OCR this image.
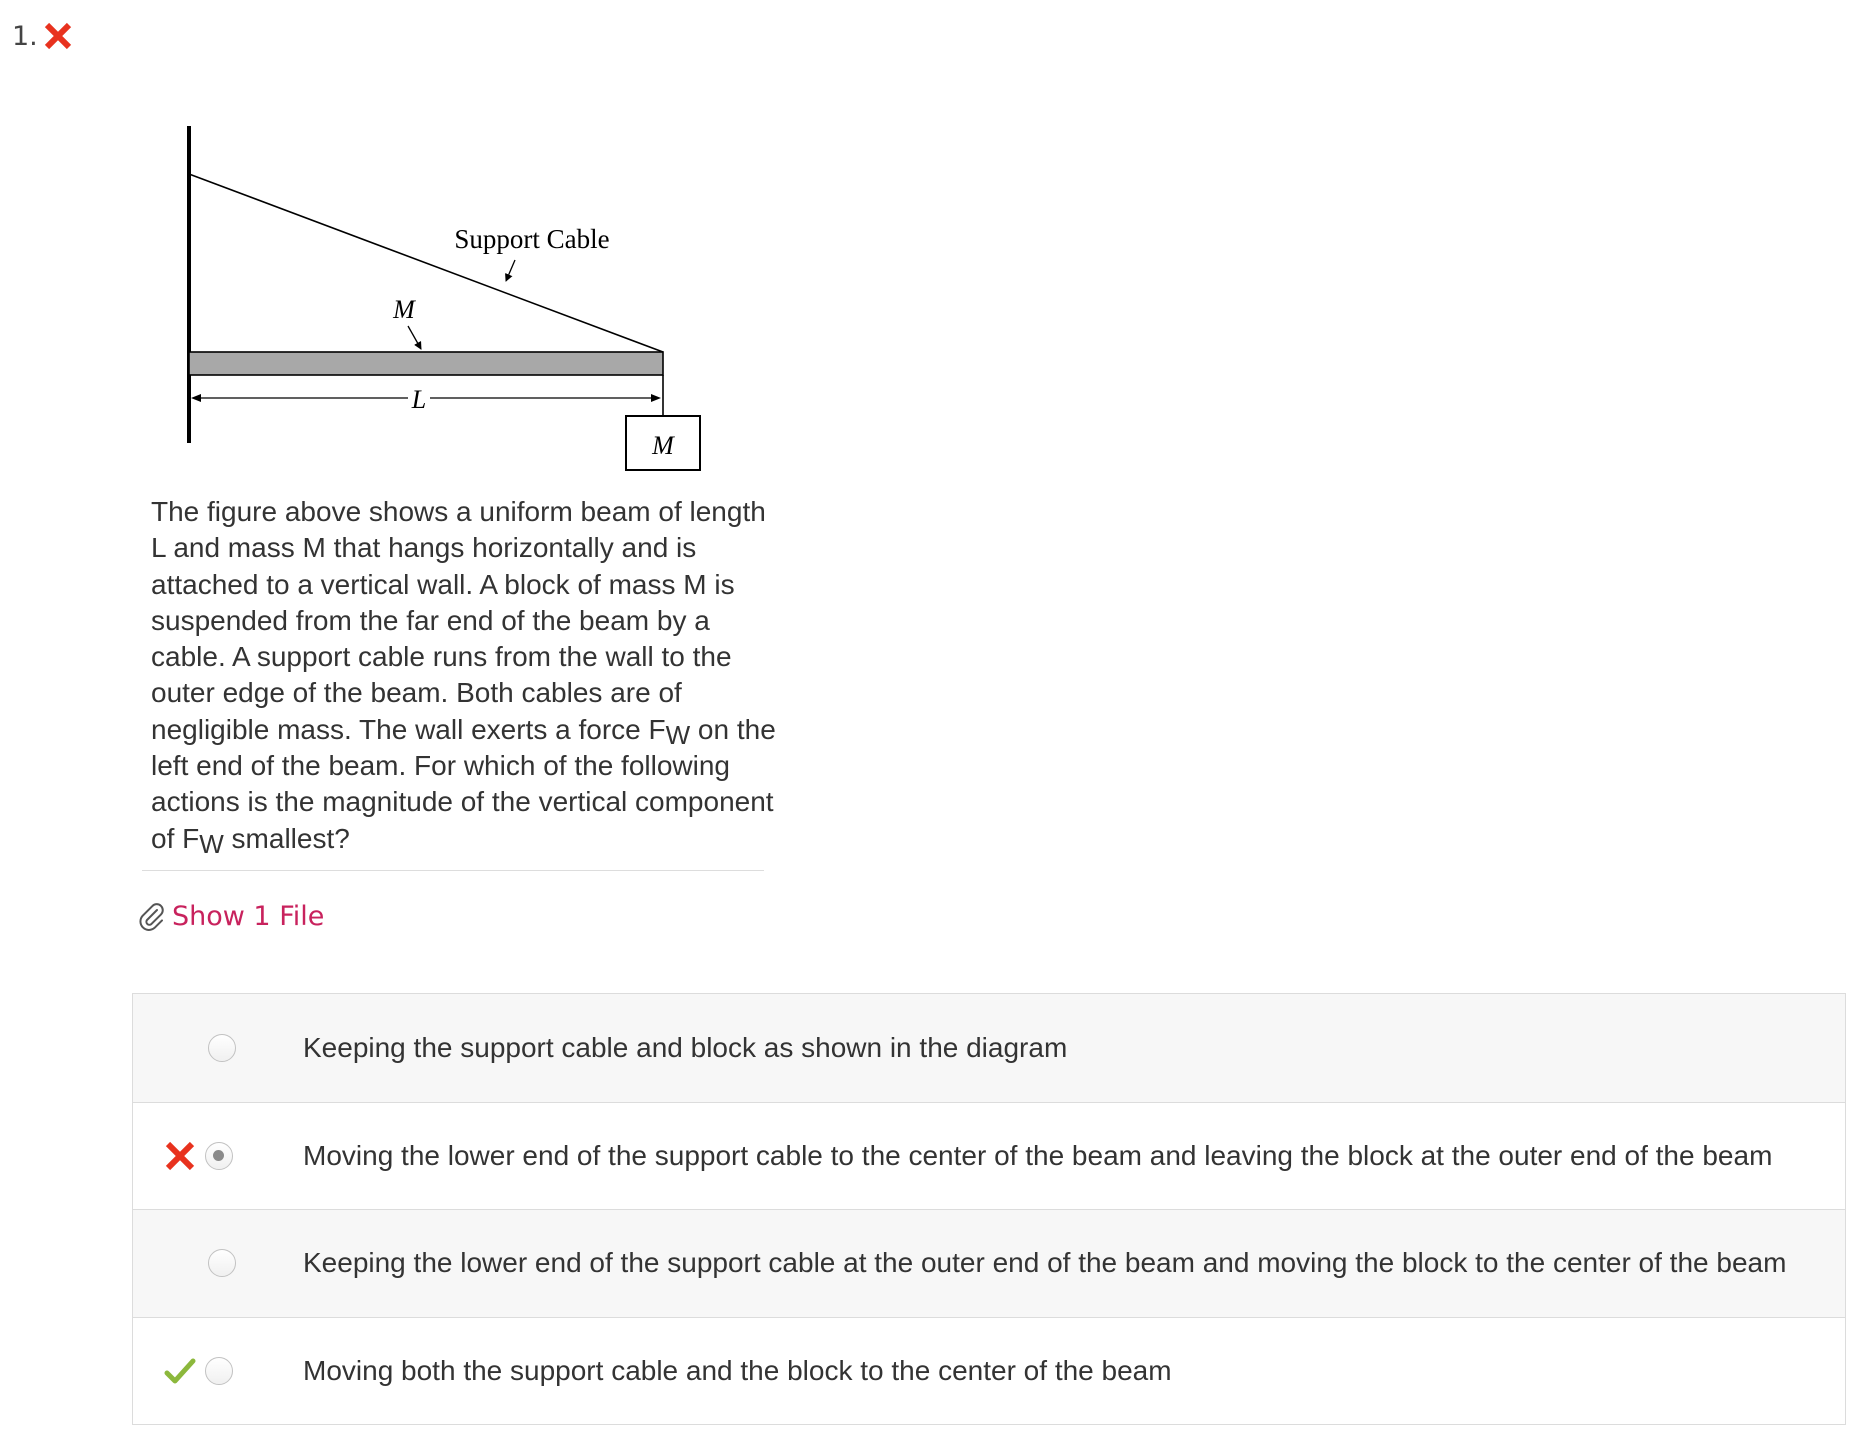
1.
M
L
M
Support Cable
The figure above shows a uniform beam of length L and mass M that hangs horizontally and is attached to a vertical wall. A block of mass M is suspended from the far end of the beam by a cable. A support cable runs from the wall to the outer edge of the beam. Both cables are of negligible mass. The wall exerts a force FW on the left end of the beam. For which of the following actions is the magnitude of the vertical component of FW smallest?
Show 1 File
Keeping the support cable and block as shown in the diagram
Moving the lower end of the support cable to the center of the beam and leaving the block at the outer end of the beam
Keeping the lower end of the support cable at the outer end of the beam and moving the block to the center of the beam
Moving both the support cable and the block to the center of the beam
